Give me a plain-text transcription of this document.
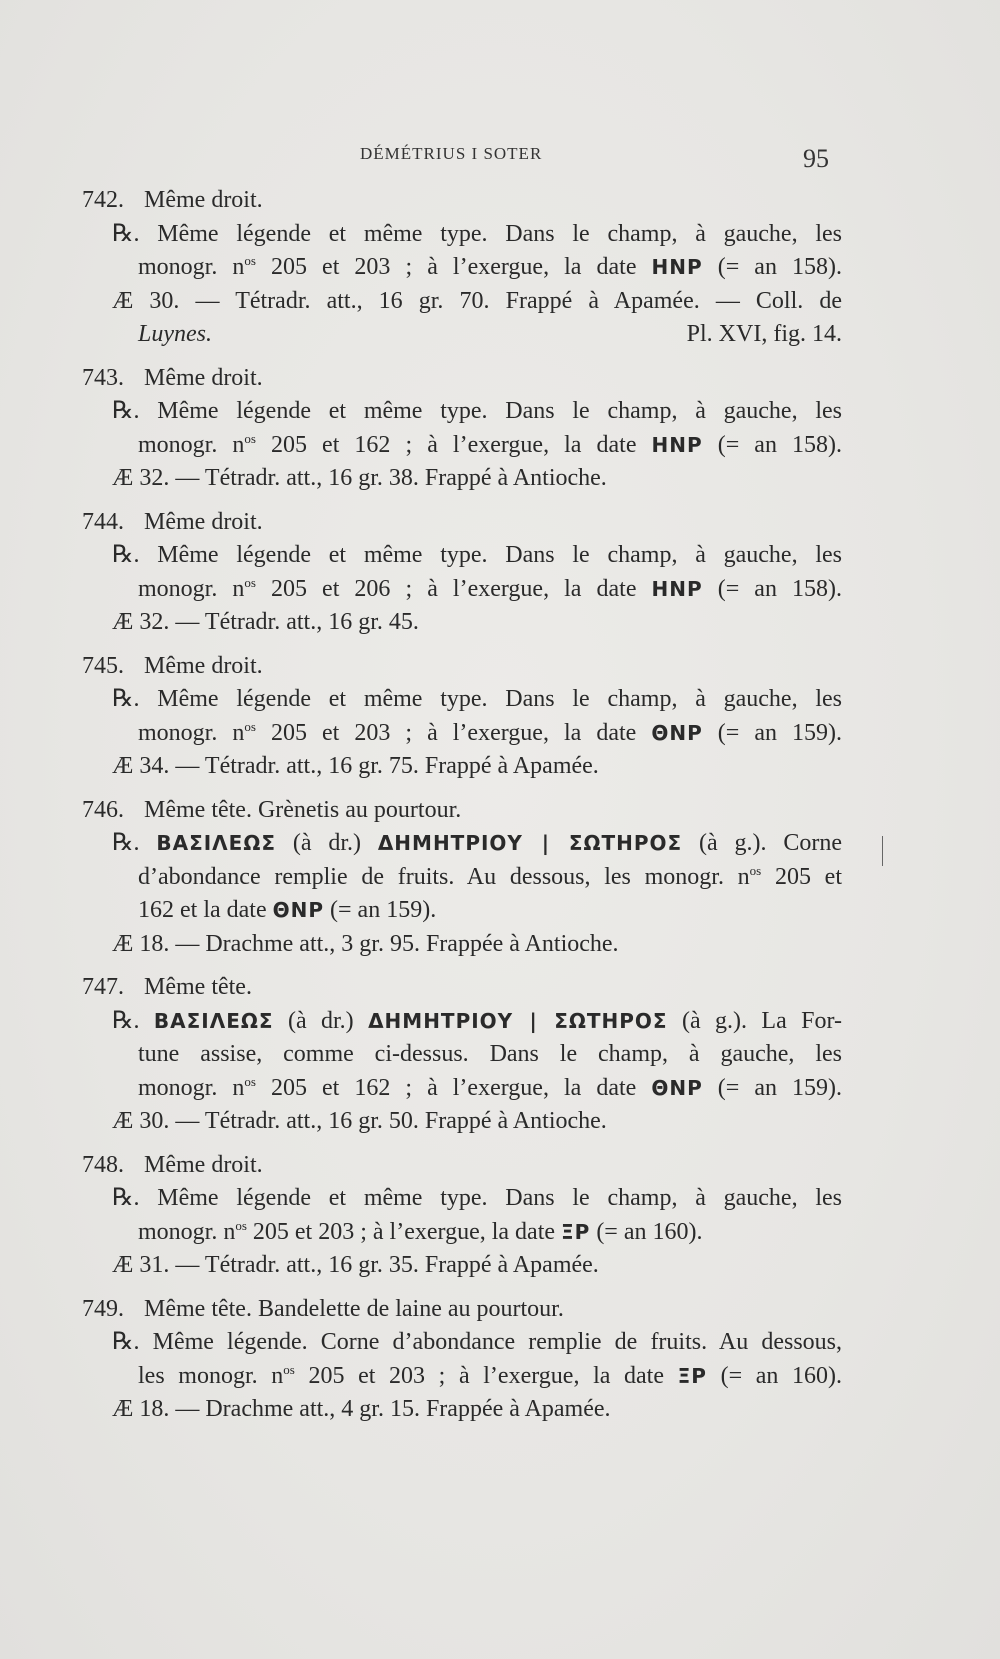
DÉMÉTRIUS I SOTER	95
742. Même droit.
℞. Même légende et même type. Dans le champ, à gauche, les
monogr. $n^{os}$ 205 et 203 ; à l’exergue, la date HNP (= an 158).
Æ 30. — Tétradr. att., 16 gr. 70. Frappé à Apamée. — Coll. de
Luynes.	Pl. XVI, fig. 14.
743. Même droit.
℞. Même légende et même type. Dans le champ, à gauche, les
monogr. $n^{os}$ 205 et 162 ; à l’exergue, la date HNP (= an 158).
Æ 32. — Tétradr. att., 16 gr. 38. Frappé à Antioche.
744. Même droit.
℞. Même légende et même type. Dans le champ, à gauche, les
monogr. $n^{os}$ 205 et 206 ; à l’exergue, la date HNP (= an 158).
Æ 32. — Tétradr. att., 16 gr. 45.
745. Même droit.
℞. Même légende et même type. Dans le champ, à gauche, les
monogr. $n^{os}$ 205 et 203 ; à l’exergue, la date ΘNP (= an 159).
Æ 34. — Tétradr. att., 16 gr. 75. Frappé à Apamée.
746. Même tête. Grènetis au pourtour.
℞. ΒΑΣΙΛΕΩΣ (à dr.) ΔΗΜΗΤΡΙΟΥ | ΣΩΤΗΡΟΣ (à g.). Corne
d’abondance remplie de fruits. Au dessous, les monogr. $n^{os}$ 205 et
162 et la date ΘNP (= an 159).
Æ 18. — Drachme att., 3 gr. 95. Frappée à Antioche.
747. Même tête.
℞. ΒΑΣΙΛΕΩΣ (à dr.) ΔΗΜΗΤΡΙΟΥ | ΣΩΤΗΡΟΣ (à g.). La For-
tune assise, comme ci-dessus. Dans le champ, à gauche, les
monogr. $n^{os}$ 205 et 162 ; à l’exergue, la date ΘNP (= an 159).
Æ 30. — Tétradr. att., 16 gr. 50. Frappé à Antioche.
748. Même droit.
℞. Même légende et même type. Dans le champ, à gauche, les
monogr. $n^{os}$ 205 et 203 ; à l’exergue, la date ΞP (= an 160).
Æ 31. — Tétradr. att., 16 gr. 35. Frappé à Apamée.
749. Même tête. Bandelette de laine au pourtour.
℞. Même légende. Corne d’abondance remplie de fruits. Au dessous,
les monogr. $n^{os}$ 205 et 203 ; à l’exergue, la date ΞP (= an 160).
Æ 18. — Drachme att., 4 gr. 15. Frappée à Apamée.
